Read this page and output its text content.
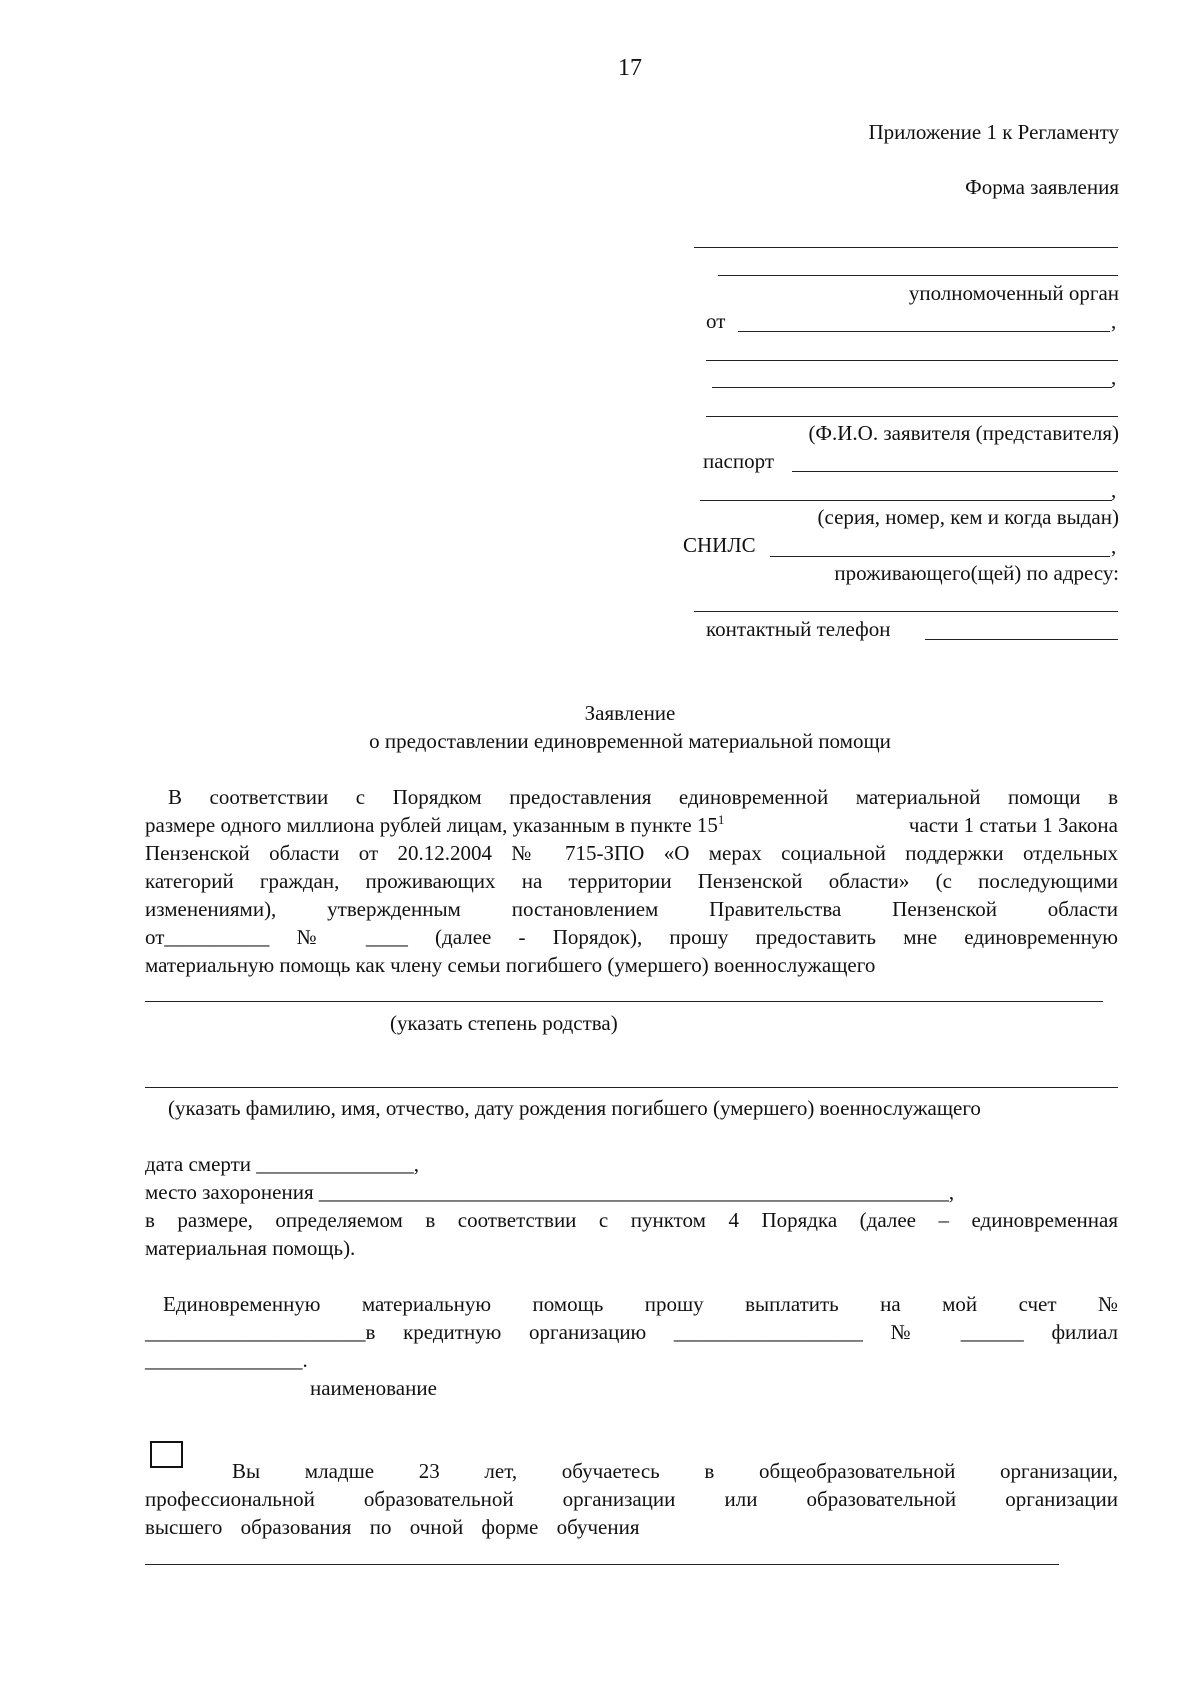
17
Приложение 1 к Регламенту
Форма заявления
уполномоченный орган
от	,
,
(Ф.И.О. заявителя (представителя)
паспорт
,
(серия, номер, кем и когда выдан)
СНИЛС	,
проживающего(щей) по адресу:
контактный телефон
Заявление
о предоставлении единовременной материальной помощи
В соответствии с Порядком предоставления единовременной материальной помощи в
размере одного миллиона рублей лицам, указанным в пункте $15^1$	части 1 статьи 1 Закона
Пензенской области от 20.12.2004 № 715-ЗПО «О мерах социальной поддержки отдельных
категорий граждан, проживающих на территории Пензенской области» (с последующими
изменениями), утвержденным постановлением Правительства Пензенской области
от__________ № ____ (далее - Порядок), прошу предоставить мне единовременную
материальную помощь как члену семьи погибшего (умершего) военнослужащего
(указать степень родства)
(указать фамилию, имя, отчество, дату рождения погибшего (умершего) военнослужащего
дата смерти _______________,
место захоронения ____________________________________________________________,
в размере, определяемом в соответствии с пунктом 4 Порядка (далее – единовременная
материальная помощь).
Единовременную материальную помощь прошу выплатить на мой счет №
_____________________в кредитную организацию __________________ № ______ филиал
_______________.
наименование
Вы младше 23 лет, обучаетесь в общеобразовательной организации,
профессиональной образовательной организации или образовательной организации
высшего образования по очной форме обучения
